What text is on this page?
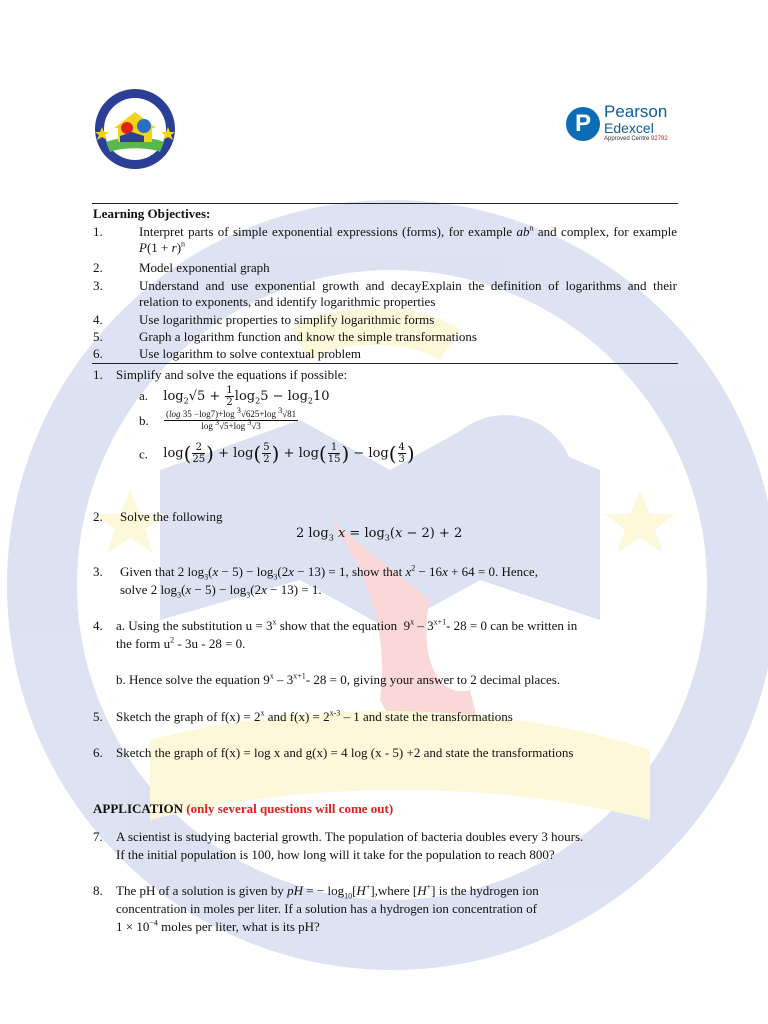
P Pearson
Edexcel
Approved Centre 92792
Learning Objectives:
1.	Interpret parts of simple exponential expressions (forms), for example $ab^n$ and complex, for example $P(1 + r)^n$
2.	Model exponential graph
3.	Understand and use exponential growth and decayExplain the definition of logarithms and their relation to exponents, and identify logarithmic properties
4.	Use logarithmic properties to simplify logarithmic forms
5.	Graph a logarithm function and know the simple transformations
6.	Use logarithm to solve contextual problem
1. Simplify and solve the equations if possible:
a. $\log_2√5 + \frac{1}{2} \log_25 - \log_210$
b. $\frac{(\log 35 -\log 7)+\log ^3√625+\log ^3√81}{\log ^3√5+\log ^3√3}$
c. $\log( \frac{2}{25}$ ) + $\log( \frac{5}{2}$ ) + $\log( \frac{1}{15}$ ) − $\log( \frac{4}{3}$ )
2. Solve the following
2 $\log_3 x = \log_3(x - 2) + 2$
3. Given that 2 $\log_3(x - 5) - \log_3(2x - 13) = 1$, show that $x^2 - 16x + 64 = 0$. Hence,
solve 2 $\log_3(x - 5) - \log_3(2x - 13) = 1$.
4. a. Using the substitution $u = 3^x$ show that the equation  $9^x - 3^{x+1}-$ 28 = 0 can be written in
the form $u^2 - 3u - 28 = 0$.
b. Hence solve the equation $9^x - 3^{x+1}-$ 28 = 0, giving your answer to 2 decimal places.
5. Sketch the graph of $f(x) = 2^x$ and $f(x) = 2^{x-3} - 1$ and state the transformations
6. Sketch the graph of f(x) = log x and g(x) = 4 log (x - 5) +2 and state the transformations
APPLICATION (only several questions will come out)
7. A scientist is studying bacterial growth. The population of bacteria doubles every 3 hours.
If the initial population is 100, how long will it take for the population to reach 800?
8. The pH of a solution is given by pH = − $\log_{10}[H^+],where$ [H+] is the hydrogen ion
concentration in moles per liter. If a solution has a hydrogen ion concentration of
$1 \times 10^{-4}$ moles per liter, what is its pH?
